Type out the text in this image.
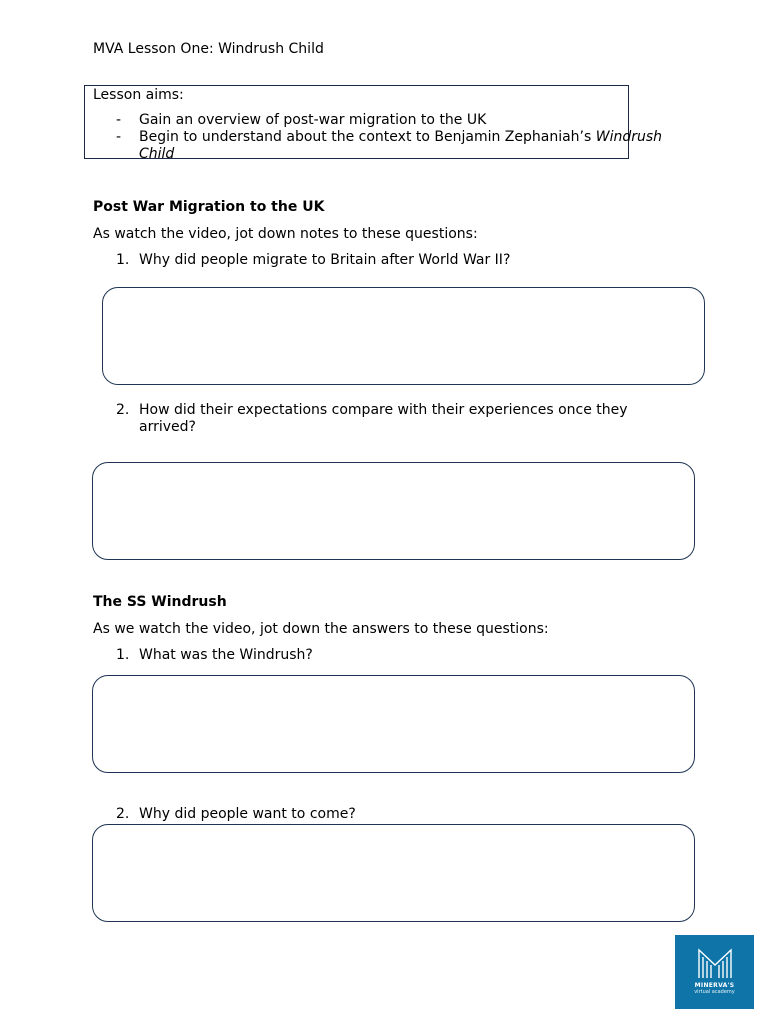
MVA Lesson One: Windrush Child

Lesson aims:

- Gain an overview of post-war migration to the UK

- Begin to understand about the context to Benjamin Zephaniah’s Windrush Child

Post War Migration to the UK

As watch the video, jot down notes to these questions:

1. Why did people migrate to Britain after World War II?

2. How did their expectations compare with their experiences once they arrived?

The SS Windrush

As we watch the video, jot down the answers to these questions:

1. What was the Windrush?

2. Why did people want to come?

MINERVA'S
virtual academy
